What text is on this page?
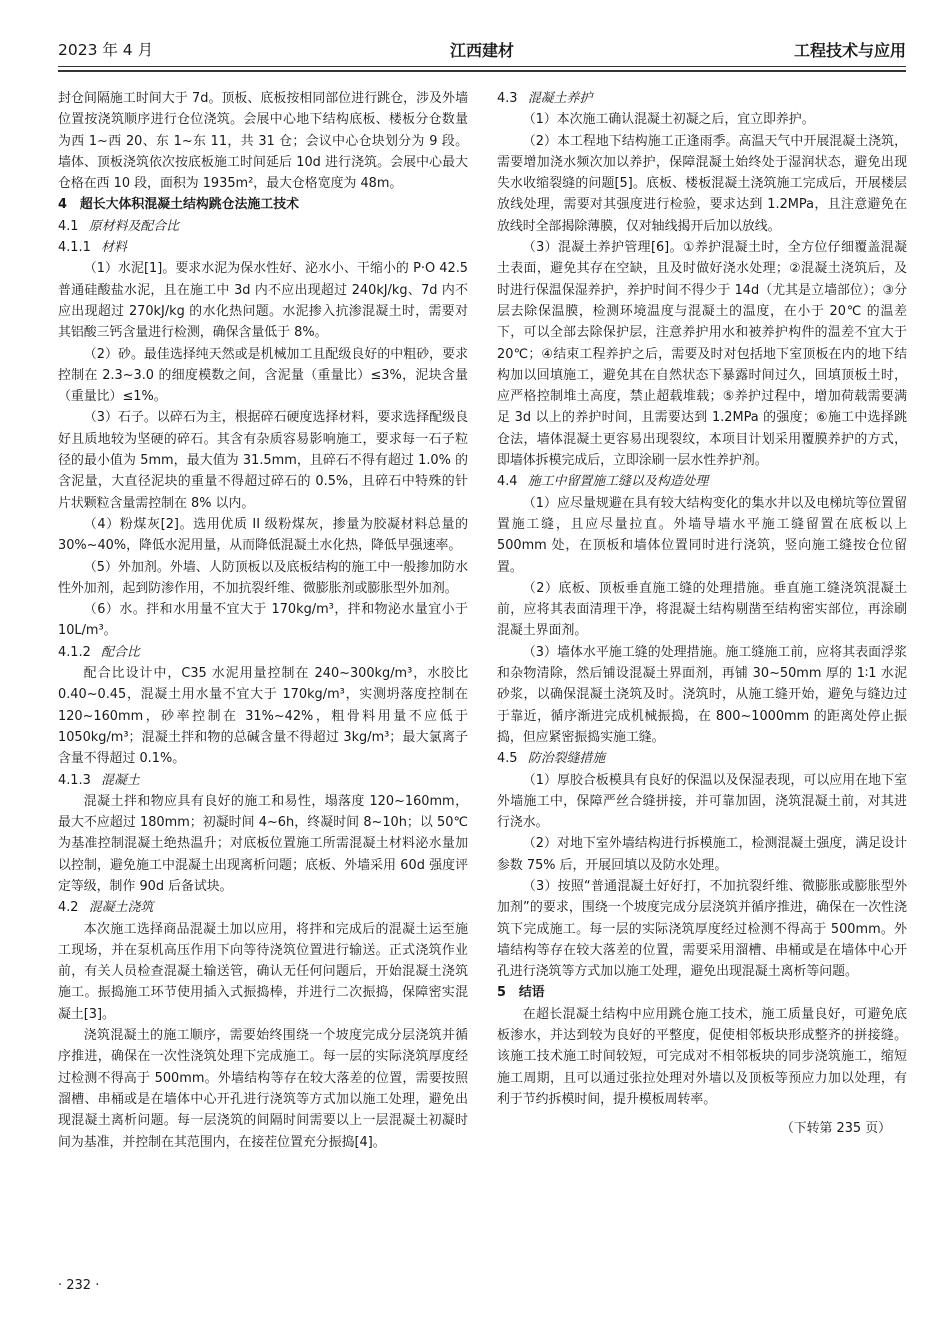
2023 年 4 月	江西建材	工程技术与应用

封仓间隔施工时间大于 7d。顶板、底板按相同部位进行跳仓，涉及外墙位置按浇筑顺序进行仓位浇筑。会展中心地下结构底板、楼板分仓数量为西 1~西 20、东 1~东 11，共 31 仓；会议中心仓块划分为 9 段。墙体、顶板浇筑依次按底板施工时间延后 10d 进行浇筑。会展中心最大仓格在西 10 段，面积为 1935m²，最大仓格宽度为 48m。

4　超长大体积混凝土结构跳仓法施工技术

4.1 原材料及配合比

4.1.1 材料

（1）水泥[1]。要求水泥为保水性好、泌水小、干缩小的 P·O 42.5 普通硅酸盐水泥，且在施工中 3d 内不应出现超过 240kJ/kg、7d 内不应出现超过 270kJ/kg 的水化热问题。水泥掺入抗渗混凝土时，需要对其铝酸三钙含量进行检测，确保含量低于 8%。

（2）砂。最佳选择纯天然或是机械加工且配级良好的中粗砂，要求控制在 2.3~3.0 的细度模数之间，含泥量（重量比）≤3%，泥块含量（重量比）≤1%。

（3）石子。以碎石为主，根据碎石硬度选择材料，要求选择配级良好且质地较为坚硬的碎石。其含有杂质容易影响施工，要求每一石子粒径的最小值为 5mm，最大值为 31.5mm，且碎石不得有超过 1.0% 的含泥量，大直径泥块的重量不得超过碎石的 0.5%，且碎石中特殊的针片状颗粒含量需控制在 8% 以内。

（4）粉煤灰[2]。选用优质 II 级粉煤灰，掺量为胶凝材料总量的 30%~40%，降低水泥用量，从而降低混凝土水化热，降低早强速率。

（5）外加剂。外墙、人防顶板以及底板结构的施工中一般掺加防水性外加剂，起到防渗作用，不加抗裂纤维、微膨胀剂或膨胀型外加剂。

（6）水。拌和水用量不宜大于 170kg/m³，拌和物泌水量宜小于 10L/m³。

4.1.2 配合比

配合比设计中，C35 水泥用量控制在 240~300kg/m³，水胶比 0.40~0.45，混凝土用水量不宜大于 170kg/m³，实测坍落度控制在 120~160mm，砂率控制在 31%~42%，粗骨料用量不应低于 1050kg/m³；混凝土拌和物的总碱含量不得超过 3kg/m³；最大氯离子含量不得超过 0.1%。

4.1.3 混凝土

混凝土拌和物应具有良好的施工和易性，塌落度 120~160mm，最大不应超过 180mm；初凝时间 4~6h，终凝时间 8~10h；以 50℃ 为基准控制混凝土绝热温升；对底板位置施工所需混凝土材料泌水量加以控制，避免施工中混凝土出现离析问题；底板、外墙采用 60d 强度评定等级，制作 90d 后备试块。

4.2 混凝土浇筑

本次施工选择商品混凝土加以应用，将拌和完成后的混凝土运至施工现场，并在泵机高压作用下向等待浇筑位置进行输送。正式浇筑作业前，有关人员检查混凝土输送管，确认无任何问题后，开始混凝土浇筑施工。振捣施工环节使用插入式振捣棒，并进行二次振捣，保障密实混凝土[3]。

浇筑混凝土的施工顺序，需要始终围绕一个坡度完成分层浇筑并循序推进，确保在一次性浇筑处理下完成施工。每一层的实际浇筑厚度经过检测不得高于 500mm。外墙结构等存在较大落差的位置，需要按照溜槽、串桶或是在墙体中心开孔进行浇筑等方式加以施工处理，避免出现混凝土离析问题。每一层浇筑的间隔时间需要以上一层混凝土初凝时间为基准，并控制在其范围内，在接茬位置充分振捣[4]。

4.3 混凝土养护

（1）本次施工确认混凝土初凝之后，宜立即养护。

（2）本工程地下结构施工正逢雨季。高温天气中开展混凝土浇筑，需要增加浇水频次加以养护，保障混凝土始终处于湿润状态，避免出现失水收缩裂缝的问题[5]。底板、楼板混凝土浇筑施工完成后，开展楼层放线处理，需要对其强度进行检验，要求达到 1.2MPa，且注意避免在放线时全部揭除薄膜，仅对轴线揭开后加以放线。

（3）混凝土养护管理[6]。①养护混凝土时，全方位仔细覆盖混凝土表面，避免其存在空缺，且及时做好浇水处理；②混凝土浇筑后，及时进行保温保湿养护，养护时间不得少于 14d（尤其是立墙部位）；③分层去除保温膜，检测环境温度与混凝土的温度，在小于 20℃ 的温差下，可以全部去除保护层，注意养护用水和被养护构件的温差不宜大于 20℃；④结束工程养护之后，需要及时对包括地下室顶板在内的地下结构加以回填施工，避免其在自然状态下暴露时间过久，回填顶板土时，应严格控制堆土高度，禁止超载堆载；⑤养护过程中，增加荷载需要满足 3d 以上的养护时间，且需要达到 1.2MPa 的强度；⑥施工中选择跳仓法，墙体混凝土更容易出现裂纹，本项目计划采用覆膜养护的方式，即墙体拆模完成后，立即涂刷一层水性养护剂。

4.4 施工中留置施工缝以及构造处理

（1）应尽量规避在具有较大结构变化的集水井以及电梯坑等位置留置施工缝，且应尽量拉直。外墙导墙水平施工缝留置在底板以上 500mm 处，在顶板和墙体位置同时进行浇筑，竖向施工缝按仓位留置。

（2）底板、顶板垂直施工缝的处理措施。垂直施工缝浇筑混凝土前，应将其表面清理干净，将混凝土结构剔凿至结构密实部位，再涂刷混凝土界面剂。

（3）墙体水平施工缝的处理措施。施工缝施工前，应将其表面浮浆和杂物清除，然后铺设混凝土界面剂，再铺 30~50mm 厚的 1∶1 水泥砂浆，以确保混凝土浇筑及时。浇筑时，从施工缝开始，避免与缝边过于靠近，循序渐进完成机械振捣，在 800~1000mm 的距离处停止振捣，但应紧密振捣实施工缝。

4.5 防治裂缝措施

（1）厚胶合板模具有良好的保温以及保湿表现，可以应用在地下室外墙施工中，保障严丝合缝拼接，并可靠加固，浇筑混凝土前，对其进行浇水。

（2）对地下室外墙结构进行拆模施工，检测混凝土强度，满足设计参数 75% 后，开展回填以及防水处理。

（3）按照“普通混凝土好好打，不加抗裂纤维、微膨胀或膨胀型外加剂”的要求，围绕一个坡度完成分层浇筑并循序推进，确保在一次性浇筑下完成施工。每一层的实际浇筑厚度经过检测不得高于 500mm。外墙结构等存在较大落差的位置，需要采用溜槽、串桶或是在墙体中心开孔进行浇筑等方式加以施工处理，避免出现混凝土离析等问题。

5　结语

在超长混凝土结构中应用跳仓施工技术，施工质量良好，可避免底板渗水，并达到较为良好的平整度，促使相邻板块形成整齐的拼接缝。该施工技术施工时间较短，可完成对不相邻板块的同步浇筑施工，缩短施工周期，且可以通过张拉处理对外墙以及顶板等预应力加以处理，有利于节约拆模时间，提升模板周转率。

（下转第 235 页）

· 232 ·
